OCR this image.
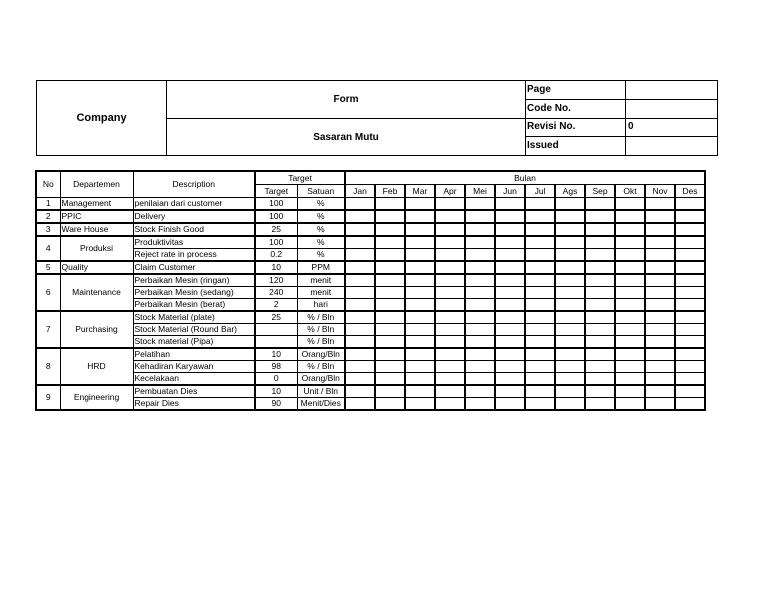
Company
Form
Sasaran Mutu
Page
Code No.
Revisi No.	0
Issued
No	Departemen	Description	Target		Bulan											
			Target	Satuan	Jan	Feb	Mar	Apr	Mei	Jun	Jul	Ags	Sep	Okt	Nov	Des
1	Management	penilaian dari customer	100	%												
2	PPIC	Delivery	100	%												
3	Ware House	Stock Finish Good	25	%												
4	Produksi	Produktivitas	100	%												
		Reject rate in process	0.2	%												
5	Quality	Claim Customer	10	PPM												
6	Maintenance	Perbaikan Mesin (ringan)	120	menit												
		Perbaikan Mesin (sedang)	240	menit												
		Perbaikan Mesin (berat)	2	hari												
7	Purchasing	Stock Material (plate)	25	% / Bln												
		Stock Material (Round Bar)		% / Bln												
		Stock material (Pipa)		% / Bln												
8	HRD	Pelatihan	10	Orang/Bln												
		Kehadiran Karyawan	98	% / Bln												
		Kecelakaan	0	Orang/Bln												
9	Engineering	Pembuatan Dies	10	Unit / Bln												
		Repair Dies	90	Menit/Dies												
